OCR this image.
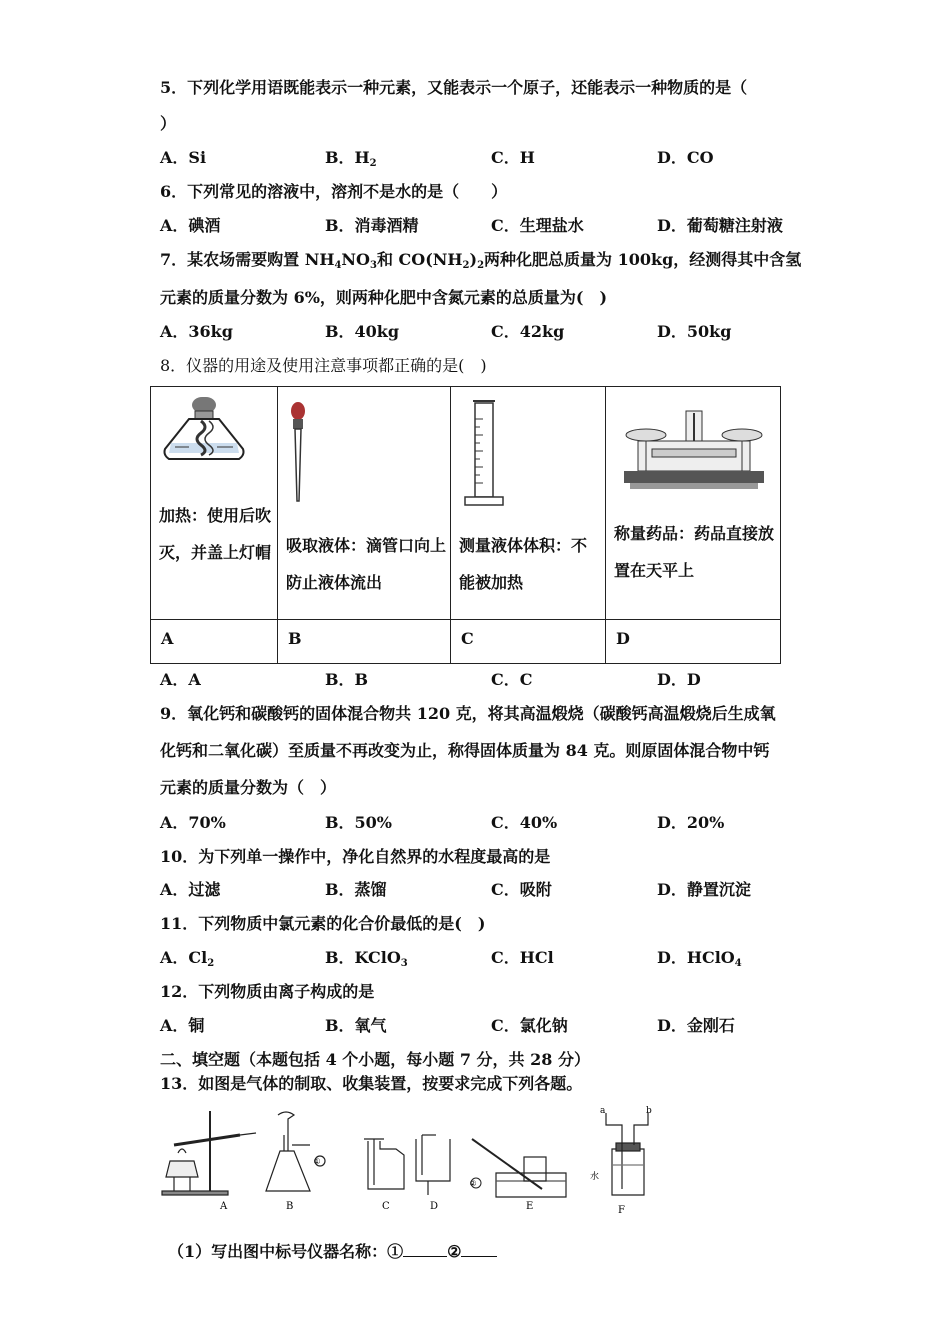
5．下列化学用语既能表示一种元素，又能表示一个原子，还能表示一种物质的是（
）
A．Si	B．$H_2$	C．H	D．CO
6．下列常见的溶液中，溶剂不是水的是（　　）
A．碘酒	B．消毒酒精	C．生理盐水	D．葡萄糖注射液
7．某农场需要购置 $NH_4NO_3$和 $CO(NH_2)_2$两种化肥总质量为 100kg，经测得其中含氢
元素的质量分数为 6%，则两种化肥中含氮元素的总质量为(　)
A．36kg	B．40kg	C．42kg	D．50kg
8．仪器的用途及使用注意事项都正确的是(　)
加热：使用后吹灭，并盖上灯帽	吸取液体：滴管口向上防止液体流出	测量液体体积：不能被加热	称量药品：药品直接放置在天平上

A	B	C	D
A．A	B．B	C．C	D．D
9．氧化钙和碳酸钙的固体混合物共 120 克，将其高温煅烧（碳酸钙高温煅烧后生成氧
化钙和二氧化碳）至质量不再改变为止，称得固体质量为 84 克。则原固体混合物中钙
元素的质量分数为（　）
A．70%	B．50%	C．40%	D．20%
10．为下列单一操作中，净化自然界的水程度最高的是
A．过滤	B．蒸馏	C．吸附	D．静置沉淀
11．下列物质中氯元素的化合价最低的是(　)
A．$Cl_2$	B．KClO$_3$	C．HCl	D．HClO$_4$
12．下列物质由离子构成的是
A．铜	B．氧气	C．氯化钠	D．金刚石
二、填空题（本题包括 4 个小题，每小题 7 分，共 28 分）
13．如图是气体的制取、收集装置，按要求完成下列各题。
A
①
B	C	D
②
E
a	b
水
F
（1）写出图中标号仪器名称：①	②
